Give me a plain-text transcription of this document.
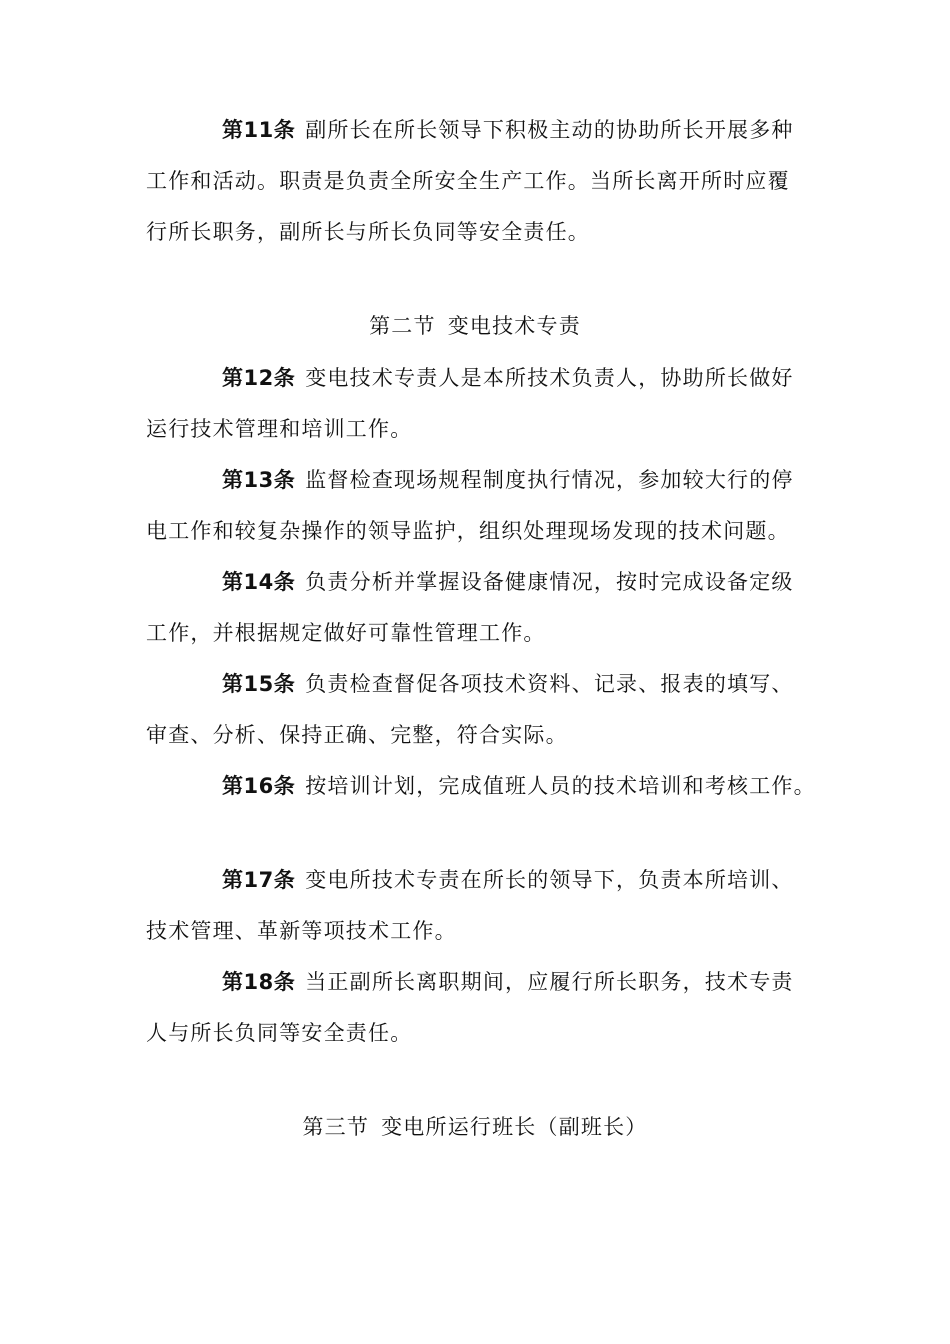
第11条 副所长在所长领导下积极主动的协助所长开展多种
工作和活动。职责是负责全所安全生产工作。当所长离开所时应覆
行所长职务，副所长与所长负同等安全责任。
第二节 变电技术专责
第12条 变电技术专责人是本所技术负责人，协助所长做好
运行技术管理和培训工作。
第13条 监督检查现场规程制度执行情况，参加较大行的停
电工作和较复杂操作的领导监护，组织处理现场发现的技术问题。
第14条 负责分析并掌握设备健康情况，按时完成设备定级
工作，并根据规定做好可靠性管理工作。
第15条 负责检查督促各项技术资料、记录、报表的填写、
审查、分析、保持正确、完整，符合实际。
第16条 按培训计划，完成值班人员的技术培训和考核工作。
第17条 变电所技术专责在所长的领导下，负责本所培训、
技术管理、革新等项技术工作。
第18条 当正副所长离职期间，应履行所长职务，技术专责
人与所长负同等安全责任。
第三节 变电所运行班长（副班长）
